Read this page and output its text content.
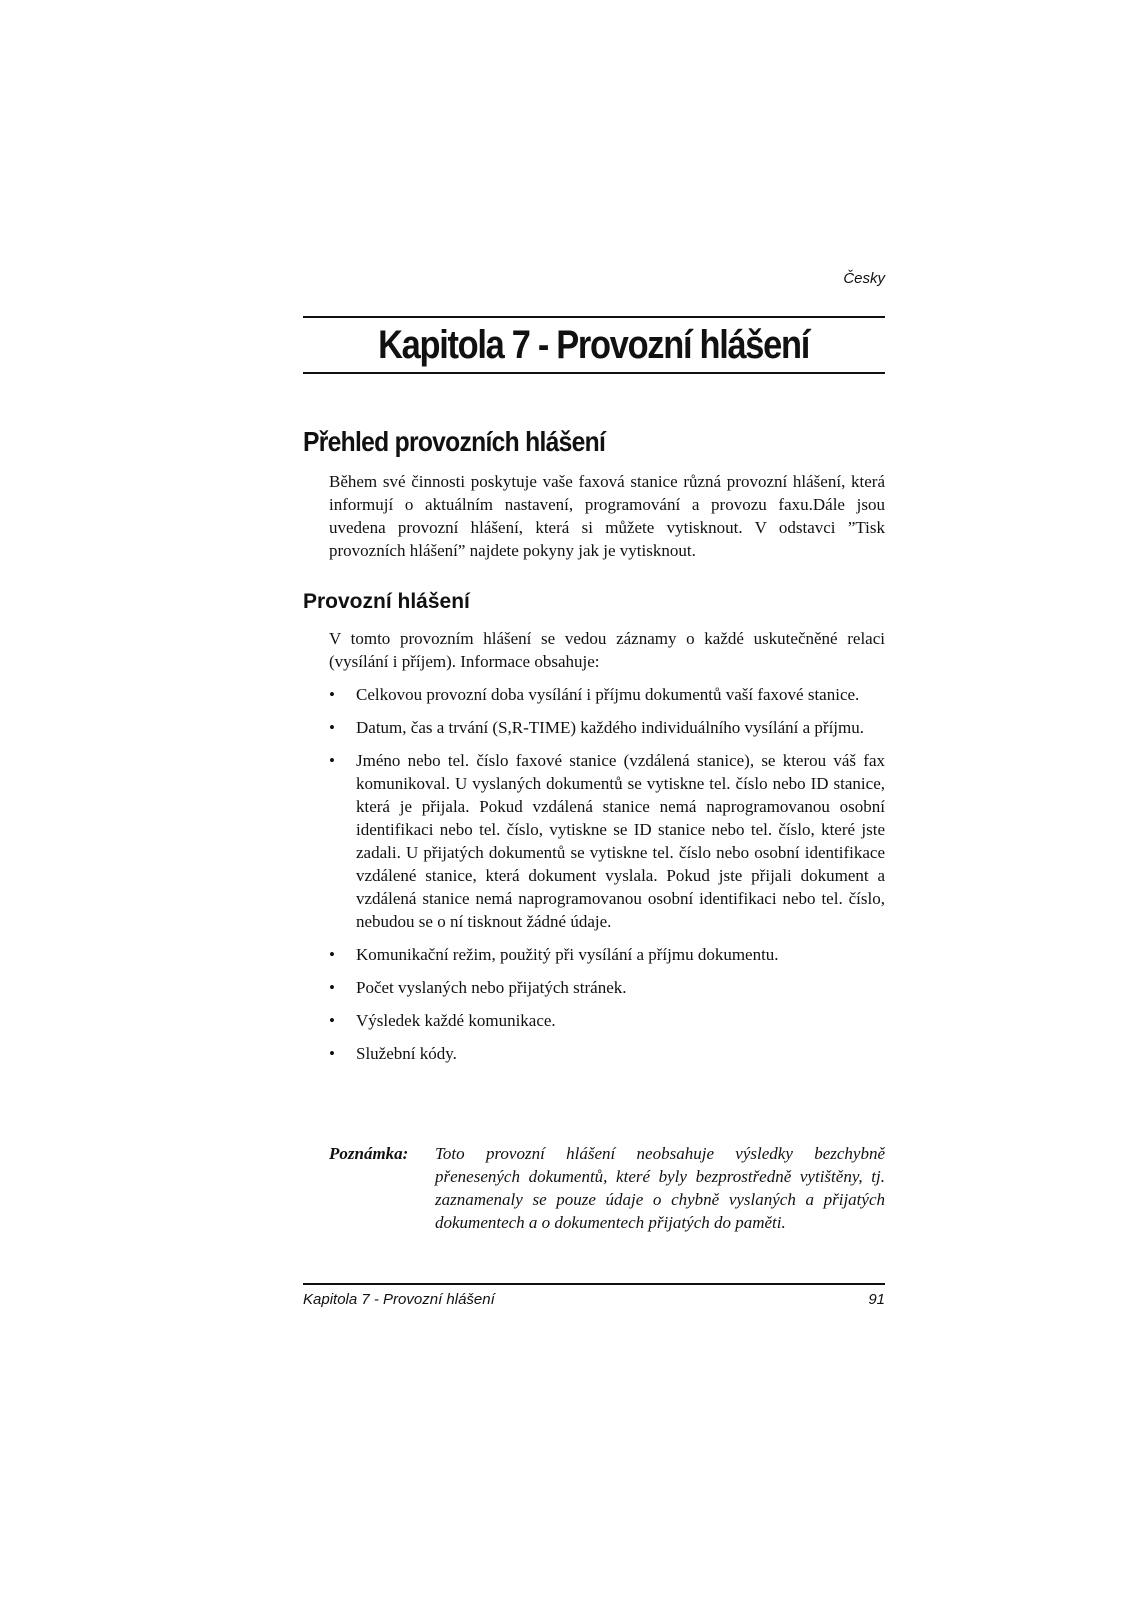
Česky
Kapitola 7 - Provozní hlášení
Přehled provozních hlášení
Během své činnosti poskytuje vaše faxová stanice různá provozní hlášení, která informují o aktuálním nastavení, programování a provozu faxu.Dále jsou uvedena provozní hlášení, která si můžete vytisknout. V odstavci ”Tisk provozních hlášení” najdete pokyny jak je vytisknout.
Provozní hlášení
V tomto provozním hlášení se vedou záznamy o každé uskutečněné relaci (vysílání i příjem). Informace obsahuje:
• Celkovou provozní doba vysílání i příjmu dokumentů vaší faxové stanice.
• Datum, čas a trvání (S,R-TIME) každého individuálního vysílání a příjmu.
• Jméno nebo tel. číslo faxové stanice (vzdálená stanice), se kterou váš fax komunikoval. U vyslaných dokumentů se vytiskne tel. číslo nebo ID stanice, která je přijala. Pokud vzdálená stanice nemá naprogramovanou osobní identifikaci nebo tel. číslo, vytiskne se ID stanice nebo tel. číslo, které jste zadali. U přijatých dokumentů se vytiskne tel. číslo nebo osobní identifikace vzdálené stanice, která dokument vyslala. Pokud jste přijali dokument a vzdálená stanice nemá naprogramovanou osobní identifikaci nebo tel. číslo, nebudou se o ní tisknout žádné údaje.
• Komunikační režim, použitý při vysílání a příjmu dokumentu.
• Počet vyslaných nebo přijatých stránek.
• Výsledek každé komunikace.
• Služební kódy.
Poznámka: Toto provozní hlášení neobsahuje výsledky bezchybně přenesených dokumentů, které byly bezprostředně vytištěny, tj. zaznamenaly se pouze údaje o chybně vyslaných a přijatých dokumentech a o dokumentech přijatých do paměti.
Kapitola 7 - Provozní hlášení	91
